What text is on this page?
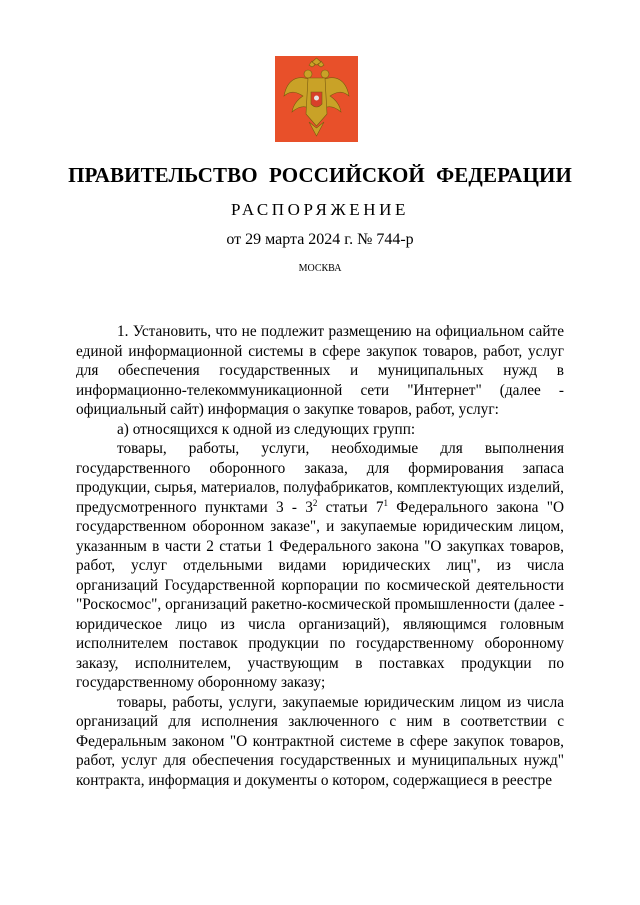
ПРАВИТЕЛЬСТВО РОССИЙСКОЙ ФЕДЕРАЦИИ
РАСПОРЯЖЕНИЕ
от 29 марта 2024 г. № 744-р
МОСКВА

1. Установить, что не подлежит размещению на официальном сайте единой информационной системы в сфере закупок товаров, работ, услуг для обеспечения государственных и муниципальных нужд в информационно-телекоммуникационной сети "Интернет" (далее - официальный сайт) информация о закупке товаров, работ, услуг:

а) относящихся к одной из следующих групп:

товары, работы, услуги, необходимые для выполнения государственного оборонного заказа, для формирования запаса продукции, сырья, материалов, полуфабрикатов, комплектующих изделий, предусмотренного пунктами $3 - 3^2$ статьи $7^1$ Федерального закона "О государственном оборонном заказе", и закупаемые юридическим лицом, указанным в части 2 статьи 1 Федерального закона "О закупках товаров, работ, услуг отдельными видами юридических лиц", из числа организаций Государственной корпорации по космической деятельности "Роскосмос", организаций ракетно-космической промышленности (далее - юридическое лицо из числа организаций), являющимся головным исполнителем поставок продукции по государственному оборонному заказу, исполнителем, участвующим в поставках продукции по государственному оборонному заказу;

товары, работы, услуги, закупаемые юридическим лицом из числа организаций для исполнения заключенного с ним в соответствии с Федеральным законом "О контрактной системе в сфере закупок товаров, работ, услуг для обеспечения государственных и муниципальных нужд" контракта, информация и документы о котором, содержащиеся в реестре
